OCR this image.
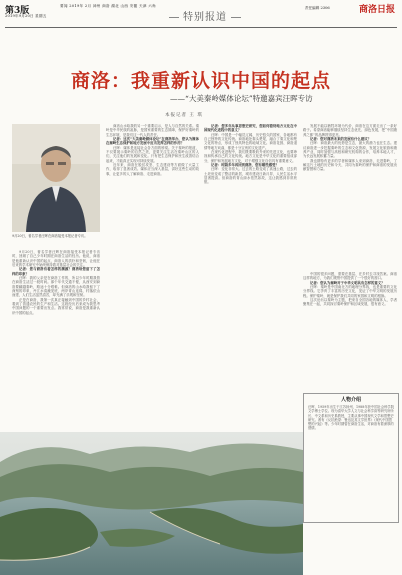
第3版
2019年9月20日 星期五
要闻 2019年 2月 神州 商洛 湖北 山西 安徽 天津 六角
特别报道
责任编辑 2306	商洛日报
商洛：我重新认识中国的起点
——“大美秦岭媒体论坛”特邀嘉宾汪晖专访
本报记者 王 琪
9月20日，著名学者汪晖在商洛接受本报记者专访。
9月20日，著名学者汪晖在商洛接受本报记者专访时，回顾了自己少年时期在商洛生活的经历。他说，商洛是他重新认识中国的起点，商洛人的质朴和坚韧，让他在后来的学术研究中始终保持着对基层社会的关注。
记者：您与商洛有着怎样的渊源？商洛给您留下了怎样的印象？
汪晖：我的父亲是在商洛工作的，所以少年时期我曾在商洛生活过一段时间。那个年代交通不便，从西安到商洛要翻越秦岭，路途十分艰难。但商洛的山水给我留下了深刻的印象，丹江水清澈见底，两岸青山连绵，村落依山而建，人们生活虽然清苦，却充满了乐观和坚韧。
正是在商洛，我第一次真正接触到中国的乡村社会，看到了普通农民的生产和生活。这段经历后来成为我思考中国问题的一个重要出发点。我常常说，商洛是我重新认识中国的起点。
商洛山水给我的另一个重要启示，是人与自然的关系。秦岭是中华民族的祖脉，是国家重要的生态屏障，保护好秦岭的生态环境，是我们这一代人的责任。
记者：这次“大美秦岭媒体论坛”在商洛举办，您认为媒体在秦岭生态保护和地方发展中应当发挥怎样的作用？
汪晖：媒体是连接社会各方面的桥梁。关于秦岭的报道，不仅要展示秦岭的自然之美，更要关注生活在秦岭山区的人们，关注他们的发展和变化。只有把生态保护和民生改善结合起来，才能真正实现可持续发展。
近年来，商洛在脱贫攻坚、生态建设等方面做了大量工作，取得了显著成效。媒体应当深入基层，讲好这些生动的故事，让更多的人了解商洛、走进商洛。
记者：您多年从事思想史研究，您如何看待地方文化在中国现代化进程中的意义？
汪晖：中国是一个幅员辽阔、历史悠久的国家，各地都有自己独特的文化传统。商洛地处秦头楚尾，融合了秦文化和楚文化的特点，形成了独具特色的地域文化。商洛花鼓、商洛道情等地方戏曲，都是十分宝贵的文化遗产。
在现代化进程中，我们既要吸收外来的先进文化，也要珍视和传承自己的文化传统。地方文化是中华文化的重要组成部分，保护和发展地方文化，对于增强文化自信具有重要意义。
记者：时隔多年再回到商洛，您有哪些感受？
汪晖：变化非常大。过去的土路变成了高速公路，过去的土坯房变成了整洁的新居，城市建设日新月异，人民生活水平显著提高。但商洛的青山绿水依然如故，这让我感到非常欣慰。
发展不能以牺牲环境为代价，商洛在这方面走出了一条好路子。希望商洛能够继续坚持生态优先、绿色发展，把“中国康养之都”的品牌擦得更亮。
记者：您对商洛未来的发展有什么建议？
汪晖：商洛最大的优势是生态，最大的潜力也在生态。建议商洛进一步挖掘秦岭的生态和文化资源，发展文化旅游和康养产业，同时加强与高校和研究机构的合作，培养本地人才，为长远发展积蓄力量。
我也期待有更多的学者和媒体人来到商洛，走进秦岭，了解这片土地的历史和今天，共同为秦岭的保护和商洛的发展贡献智慧和力量。
中国的很多问题，需要在基层、在乡村去寻找答案。商洛这样的地方，为我们观察中国提供了一个很好的窗口。
记者：您认为秦岭对于中华文明具有怎样的意义？
汪晖：秦岭是中国南北方的地理分界线，也是重要的文化分界线。它孕育了丰富的历史文化，见证了中华文明的发展历程。保护秦岭，就是保护我们共同的家园和文明的根脉。
这次论坛以秦岭为主题，把来自全国各地的媒体人、学者聚集在一起，共同探讨秦岭保护和区域发展，很有意义。
人物介绍
汪晖，1959年出生于江苏扬州，1988年获中国社会科学院文学博士学位。现为清华大学人文与社会科学高等研究所所长、中文系和历史系教授，主要从事中国现代文学和思想史研究。著有《反抗绝望：鲁迅及其文学世界》《现代中国思想的兴起》等。少年时期曾在商洛生活，对商洛有着深厚的感情。
